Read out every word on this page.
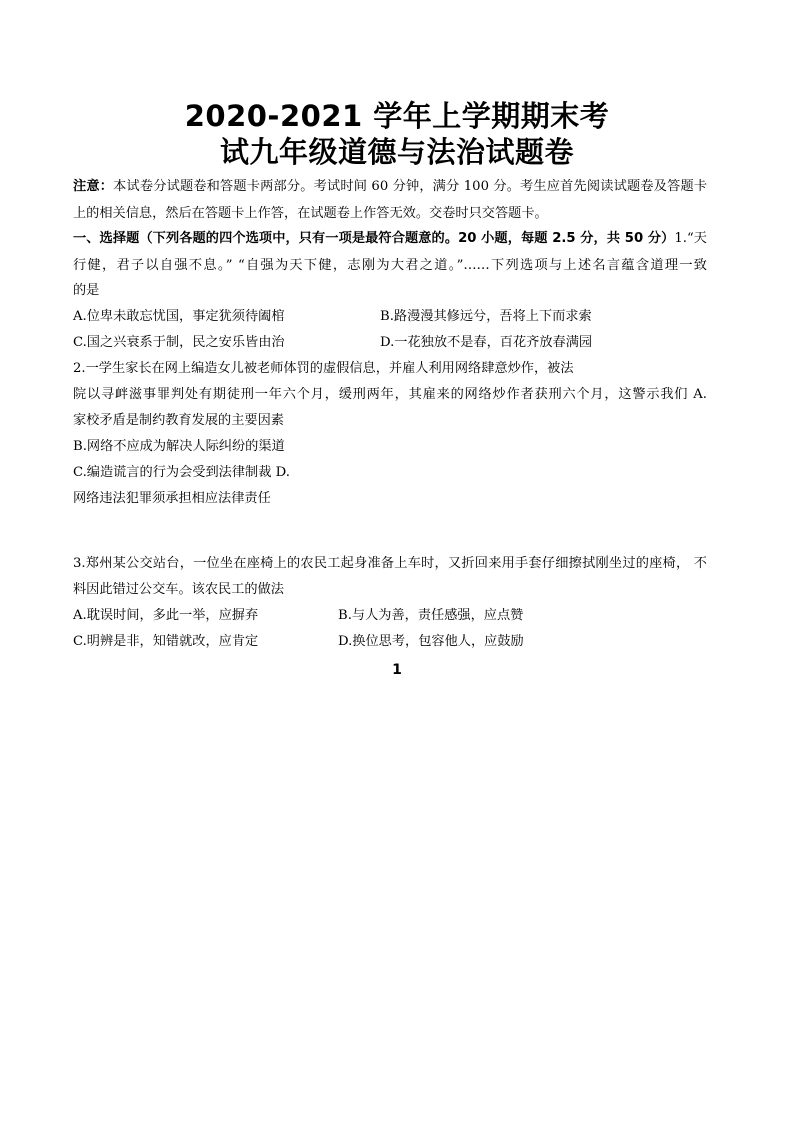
2020-2021 学年上学期期末考
试九年级道德与法治试题卷
注意：本试卷分试题卷和答题卡两部分。考试时间 60 分钟，满分 100 分。考生应首先阅读试题卷及答题卡
上的相关信息，然后在答题卡上作答，在试题卷上作答无效。交卷时只交答题卡。
一、选择题（下列各题的四个选项中，只有一项是最符合题意的。20 小题，每题 2.5 分，共 50 分）1.“天
行健，君子以自强不息。” “自强为天下健，志刚为大君之道。”……下列选项与上述名言蕴含道理一致
的是
A.位卑未敢忘忧国，事定犹须待阖棺	B.路漫漫其修远兮，吾将上下而求索
C.国之兴衰系于制，民之安乐皆由治	D.一花独放不是春，百花齐放春满园
2.一学生家长在网上编造女儿被老师体罚的虚假信息，并雇人利用网络肆意炒作，被法
院以寻衅滋事罪判处有期徒刑一年六个月，缓刑两年，其雇来的网络炒作者获刑六个月，这警示我们 A.
家校矛盾是制约教育发展的主要因素
B.网络不应成为解决人际纠纷的渠道
C.编造谎言的行为会受到法律制裁 D.
网络违法犯罪须承担相应法律责任
3.郑州某公交站台，一位坐在座椅上的农民工起身准备上车时，又折回来用手套仔细擦拭刚坐过的座椅， 不
料因此错过公交车。该农民工的做法
A.耽误时间，多此一举，应摒弃	B.与人为善，责任感强，应点赞
C.明辨是非，知错就改，应肯定	D.换位思考，包容他人，应鼓励
1
